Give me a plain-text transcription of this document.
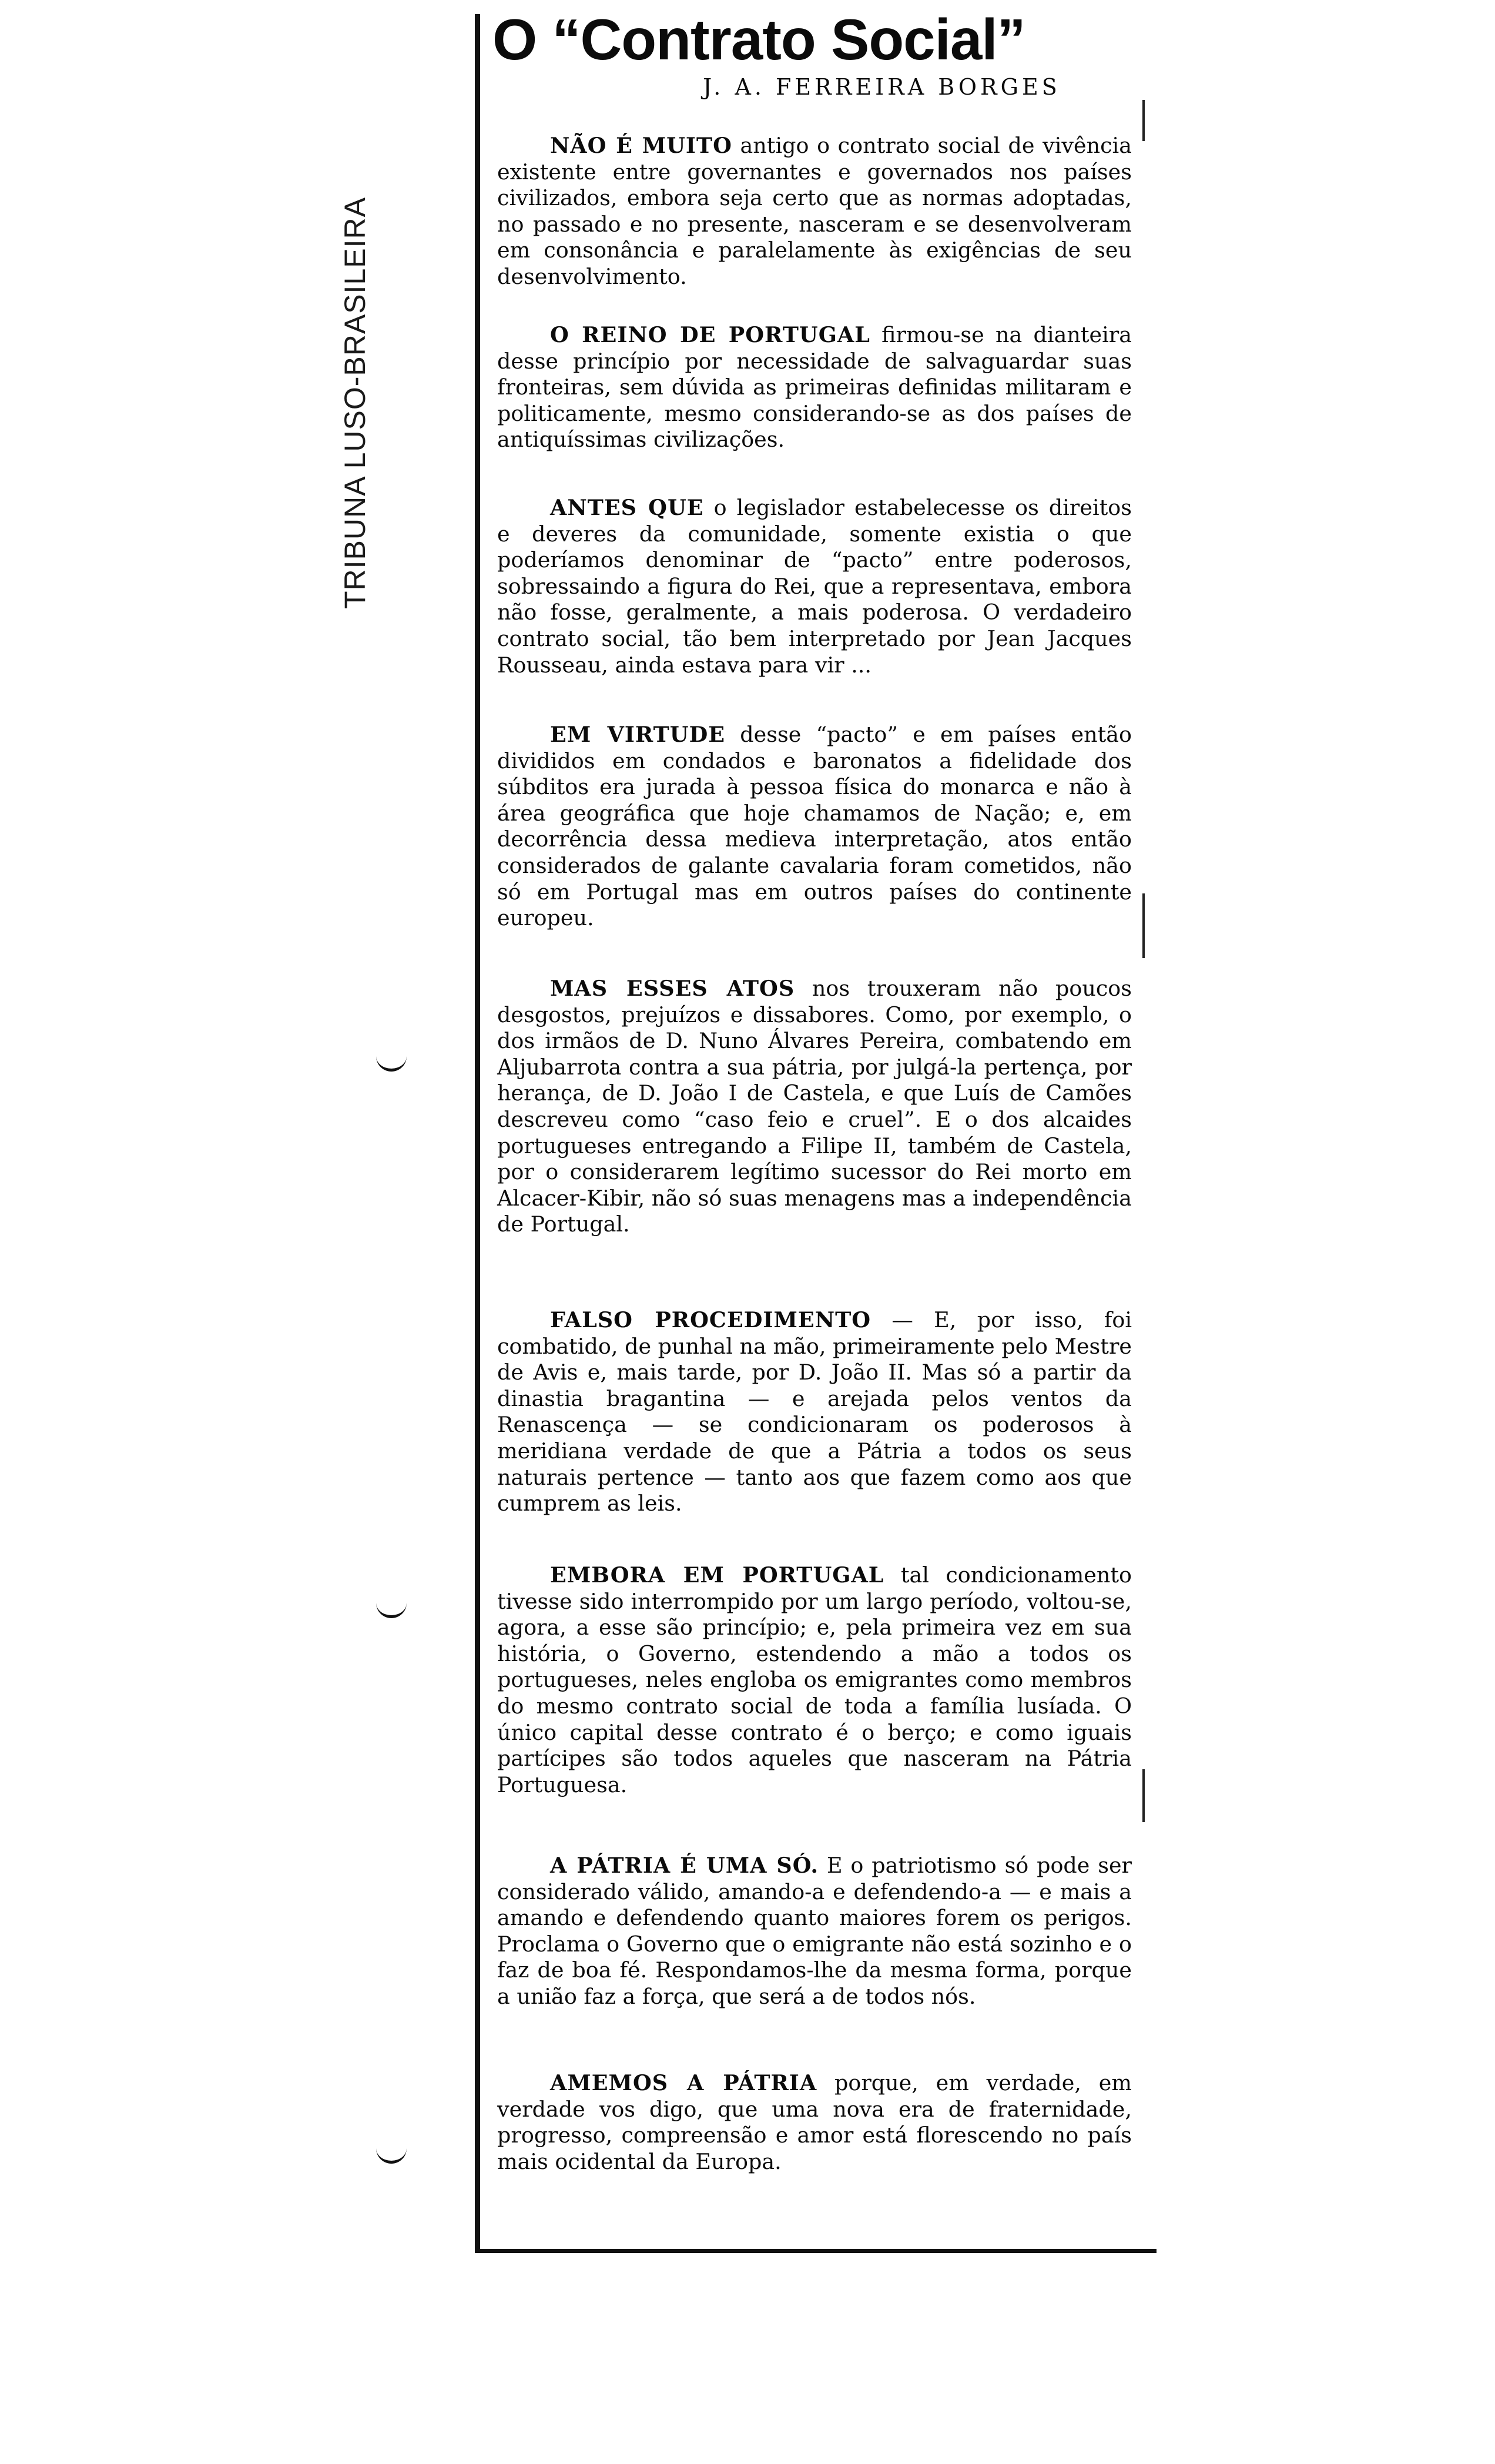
TRIBUNA LUSO-BRASILEIRA
O “Contrato Social”
J. A. FERREIRA BORGES

NÃO É MUITO antigo o contrato social de vivência existente entre governantes e governados nos países civilizados, embora seja certo que as normas adoptadas, no passado e no presente, nasceram e se desenvolveram em consonância e paralelamente às exigências de seu desenvolvimento.

O REINO DE PORTUGAL firmou-se na dianteira desse princípio por necessidade de salvaguardar suas fronteiras, sem dúvida as primeiras definidas militaram e politicamente, mesmo considerando-se as dos países de antiquíssimas civilizações.

ANTES QUE o legislador estabelecesse os direitos e deveres da comunidade, somente existia o que poderíamos denominar de “pacto” entre poderosos, sobressaindo a figura do Rei, que a representava, embora não fosse, geralmente, a mais poderosa. O verdadeiro contrato social, tão bem interpretado por Jean Jacques Rousseau, ainda estava para vir ...

EM VIRTUDE desse “pacto” e em países então divididos em condados e baronatos a fidelidade dos súbditos era jurada à pessoa física do monarca e não à área geográfica que hoje chamamos de Nação; e, em decorrência dessa medieva interpretação, atos então considerados de galante cavalaria foram cometidos, não só em Portugal mas em outros países do continente europeu.

MAS ESSES ATOS nos trouxeram não poucos desgostos, prejuízos e dissabores. Como, por exemplo, o dos irmãos de D. Nuno Álvares Pereira, combatendo em Aljubarrota contra a sua pátria, por julgá-la pertença, por herança, de D. João I de Castela, e que Luís de Camões descreveu como “caso feio e cruel”. E o dos alcaides portugueses entregando a Filipe II, também de Castela, por o considerarem legítimo sucessor do Rei morto em Alcacer-Kibir, não só suas menagens mas a independência de Portugal.

FALSO PROCEDIMENTO — E, por isso, foi combatido, de punhal na mão, primeiramente pelo Mestre de Avis e, mais tarde, por D. João II. Mas só a partir da dinastia bragantina — e arejada pelos ventos da Renascença — se condicionaram os poderosos à meridiana verdade de que a Pátria a todos os seus naturais pertence — tanto aos que fazem como aos que cumprem as leis.

EMBORA EM PORTUGAL tal condicionamento tivesse sido interrompido por um largo período, voltou-se, agora, a esse são princípio; e, pela primeira vez em sua história, o Governo, estendendo a mão a todos os portugueses, neles engloba os emigrantes como membros do mesmo contrato social de toda a família lusíada. O único capital desse contrato é o berço; e como iguais partícipes são todos aqueles que nasceram na Pátria Portuguesa.

A PÁTRIA É UMA SÓ. E o patriotismo só pode ser considerado válido, amando-a e defendendo-a — e mais a amando e defendendo quanto maiores forem os perigos. Proclama o Governo que o emigrante não está sozinho e o faz de boa fé. Respondamos-lhe da mesma forma, porque a união faz a força, que será a de todos nós.

AMEMOS A PÁTRIA porque, em verdade, em verdade vos digo, que uma nova era de fraternidade, progresso, compreensão e amor está florescendo no país mais ocidental da Europa.
